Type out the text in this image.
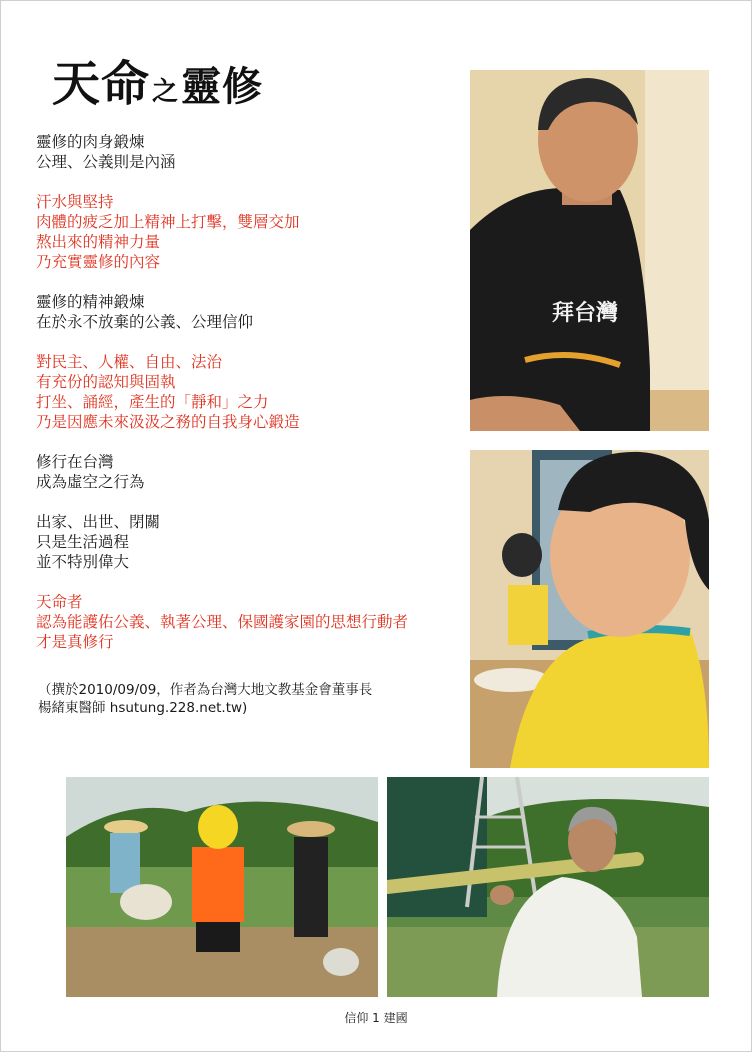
天命 之 靈修
靈修的肉身鍛煉
公理、公義則是內涵
汗水與堅持
肉體的疲乏加上精神上打擊，雙層交加
熬出來的精神力量
乃充實靈修的內容
靈修的精神鍛煉
在於永不放棄的公義、公理信仰
對民主、人權、自由、法治
有充份的認知與固執
打坐、誦經，產生的「靜和」之力
乃是因應未來汲汲之務的自我身心鍛造
修行在台灣
成為虛空之行為
出家、出世、閉關
只是生活過程
並不特別偉大
天命者
認為能護佑公義、執著公理、保國護家園的思想行動者
才是真修行
（撰於2010/09/09，作者為台灣大地文教基金會董事長
楊緒東醫師 hsutung.228.net.tw)
拜台灣
信仰 1 建國
